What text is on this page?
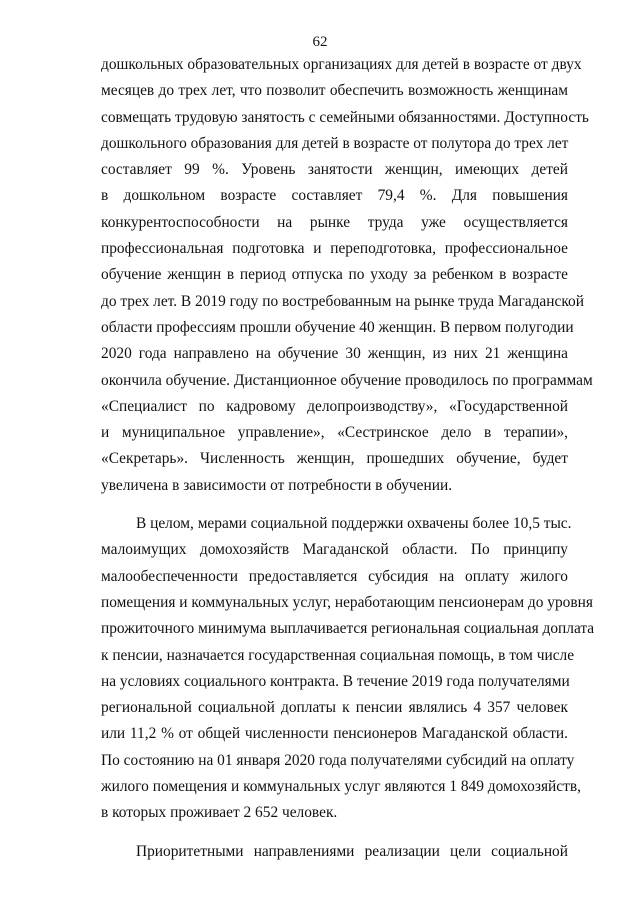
62
дошкольных образовательных организациях для детей в возрасте от двух
месяцев до трех лет, что позволит обеспечить возможность женщинам
совмещать трудовую занятость с семейными обязанностями. Доступность
дошкольного образования для детей в возрасте от полутора до трех лет
составляет 99 %. Уровень занятости женщин, имеющих детей
в дошкольном возрасте составляет 79,4 %. Для повышения
конкурентоспособности на рынке труда уже осуществляется
профессиональная подготовка и переподготовка, профессиональное
обучение женщин в период отпуска по уходу за ребенком в возрасте
до трех лет. В 2019 году по востребованным на рынке труда Магаданской
области профессиям прошли обучение 40 женщин. В первом полугодии
2020 года направлено на обучение 30 женщин, из них 21 женщина
окончила обучение. Дистанционное обучение проводилось по программам
«Специалист по кадровому делопроизводству», «Государственной
и муниципальное управление», «Сестринское дело в терапии»,
«Секретарь». Численность женщин, прошедших обучение, будет
увеличена в зависимости от потребности в обучении.
В целом, мерами социальной поддержки охвачены более 10,5 тыс.
малоимущих домохозяйств Магаданской области. По принципу
малообеспеченности предоставляется субсидия на оплату жилого
помещения и коммунальных услуг, неработающим пенсионерам до уровня
прожиточного минимума выплачивается региональная социальная доплата
к пенсии, назначается государственная социальная помощь, в том числе
на условиях социального контракта. В течение 2019 года получателями
региональной социальной доплаты к пенсии являлись 4 357 человек
или 11,2 % от общей численности пенсионеров Магаданской области.
По состоянию на 01 января 2020 года получателями субсидий на оплату
жилого помещения и коммунальных услуг являются 1 849 домохозяйств,
в которых проживает 2 652 человек.
Приоритетными направлениями реализации цели социальной
